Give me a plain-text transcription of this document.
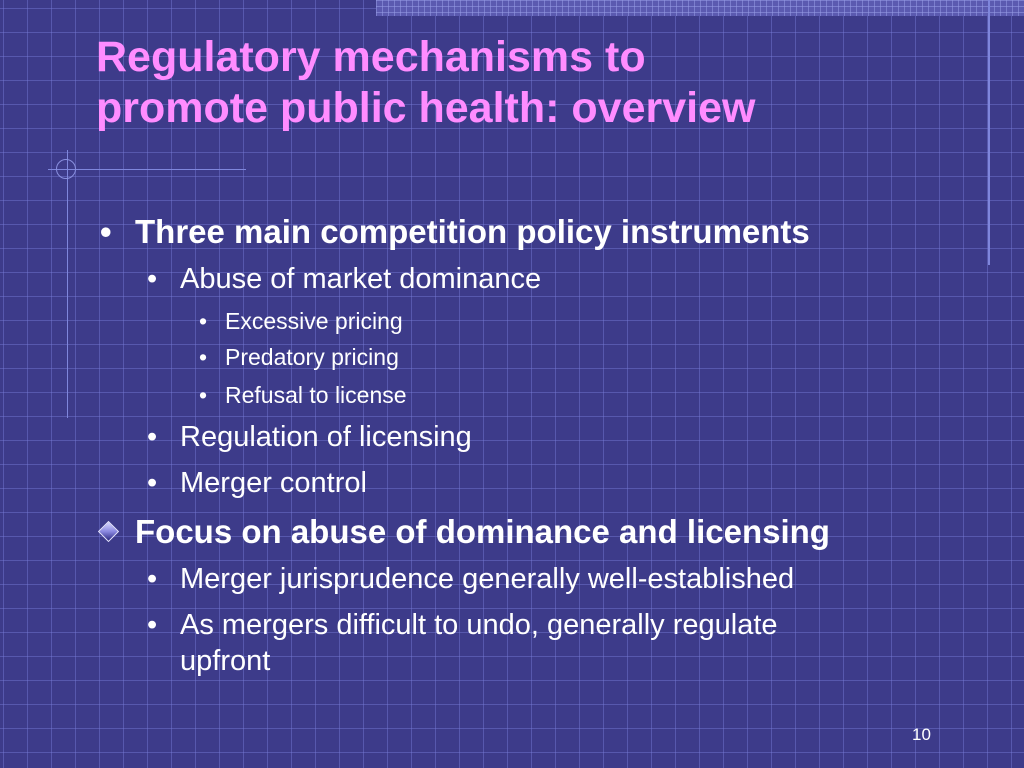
Regulatory mechanisms to
promote public health: overview
• Three main competition policy instruments
• Abuse of market dominance
• Excessive pricing
• Predatory pricing
• Refusal to license
• Regulation of licensing
• Merger control
Focus on abuse of dominance and licensing
• Merger jurisprudence generally well-established
• As mergers difficult to undo, generally regulate
upfront
10
